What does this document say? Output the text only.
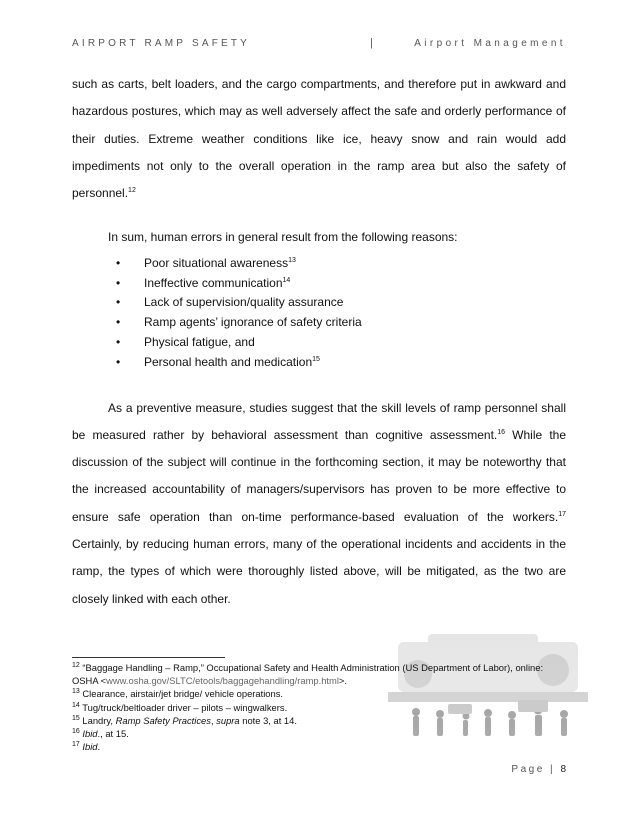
AIRPORT RAMP SAFETY	|	Airport Management

such as carts, belt loaders, and the cargo compartments, and therefore put in awkward and hazardous postures, which may as well adversely affect the safe and orderly performance of their duties. Extreme weather conditions like ice, heavy snow and rain would add impediments not only to the overall operation in the ramp area but also the safety of personnel.$^{12}$

In sum, human errors in general result from the following reasons:

• Poor situational awareness$^{13}$
• Ineffective communication$^{14}$
• Lack of supervision/quality assurance
• Ramp agents’ ignorance of safety criteria
• Physical fatigue, and
• Personal health and medication$^{15}$

As a preventive measure, studies suggest that the skill levels of ramp personnel shall be measured rather by behavioral assessment than cognitive assessment.$^{16}$ While the discussion of the subject will continue in the forthcoming section, it may be noteworthy that the increased accountability of managers/supervisors has proven to be more effective to ensure safe operation than on-time performance-based evaluation of the workers.$^{17}$ Certainly, by reducing human errors, many of the operational incidents and accidents in the ramp, the types of which were thoroughly listed above, will be mitigated, as the two are closely linked with each other.

$^{12}$ “Baggage Handling – Ramp,” Occupational Safety and Health Administration (US Department of Labor), online: OSHA <www.osha.gov/SLTC/etools/baggagehandling/ramp.html>.

$^{13}$ Clearance, airstair/jet bridge/ vehicle operations.

$^{14}$ Tug/truck/beltloader driver – pilots – wingwalkers.

$^{15}$ Landry, Ramp Safety Practices, supra note 3, at 14.

$^{16}$ Ibid., at 15.

$^{17}$ Ibid.

Page | 8
